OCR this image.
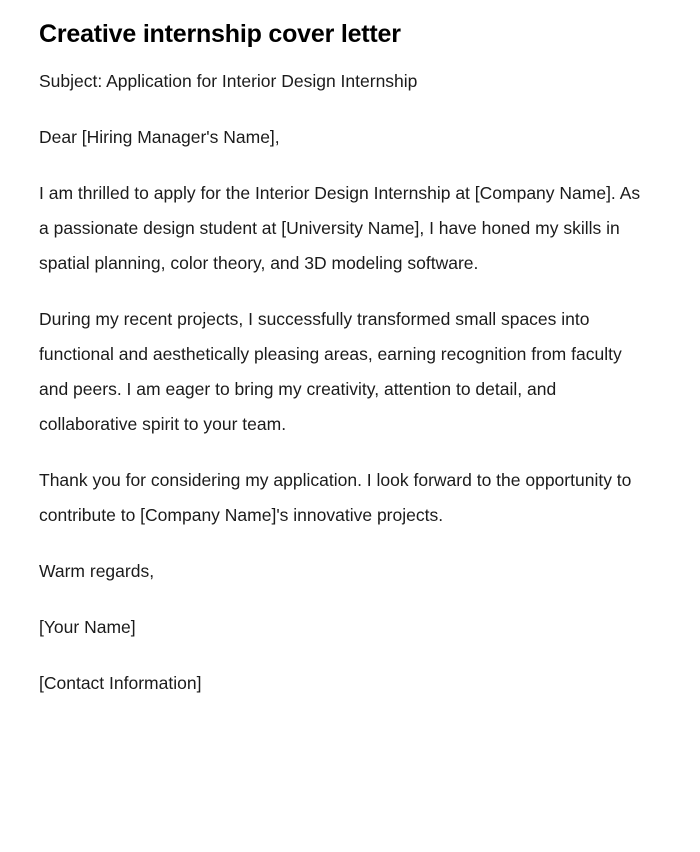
Creative internship cover letter

Subject: Application for Interior Design Internship

Dear [Hiring Manager's Name],

I am thrilled to apply for the Interior Design Internship at [Company Name]. As a passionate design student at [University Name], I have honed my skills in spatial planning, color theory, and 3D modeling software.

During my recent projects, I successfully transformed small spaces into functional and aesthetically pleasing areas, earning recognition from faculty and peers. I am eager to bring my creativity, attention to detail, and collaborative spirit to your team.

Thank you for considering my application. I look forward to the opportunity to contribute to [Company Name]'s innovative projects.

Warm regards,

[Your Name]

[Contact Information]
